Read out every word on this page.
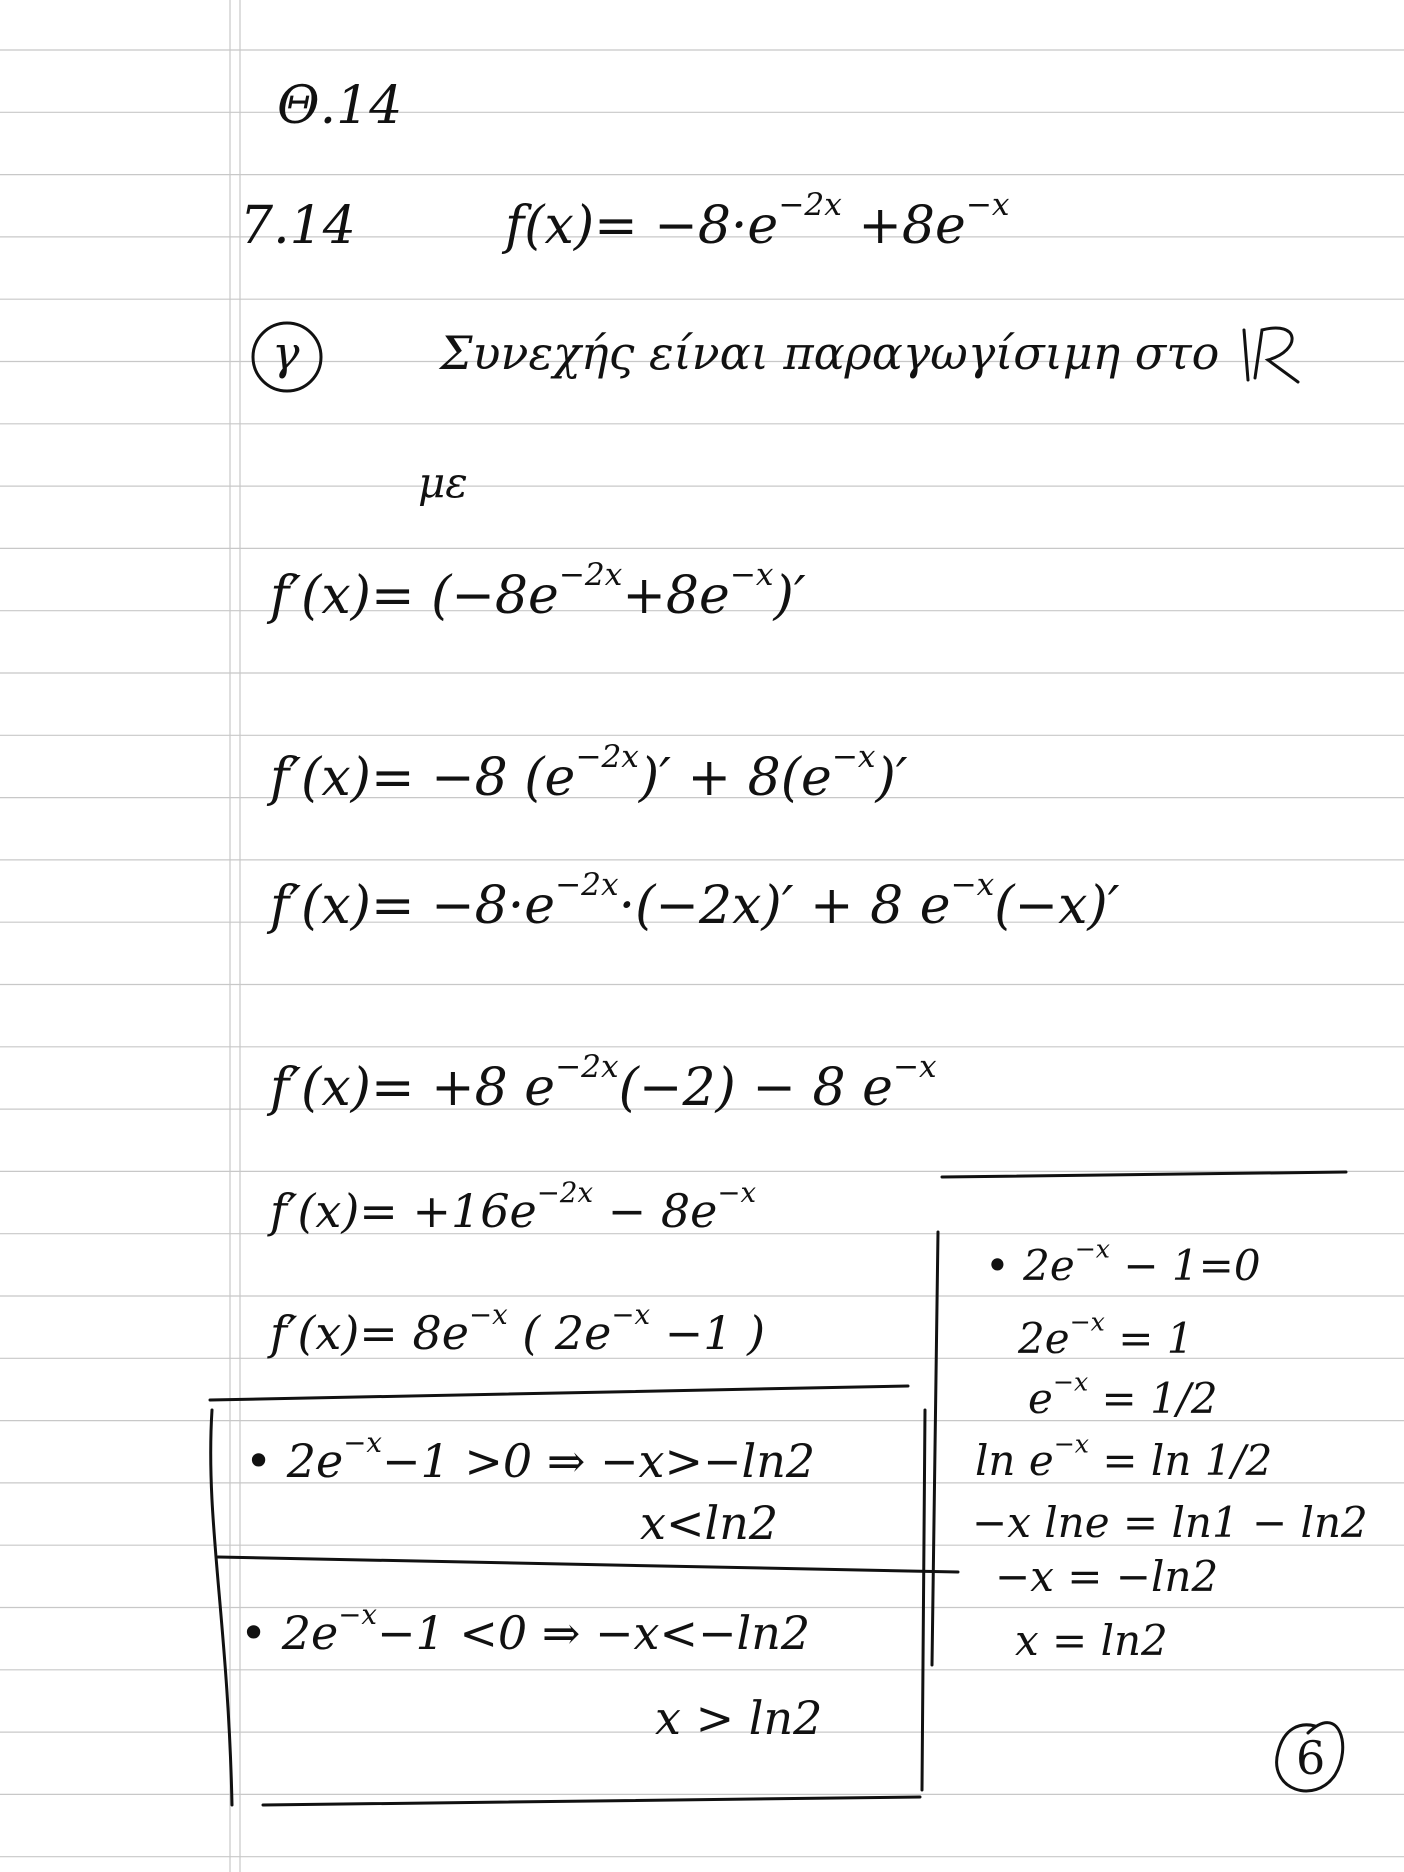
Θ.14
7.14	$f(x)= -8\cdot e^{-2x} +8e^{-x}$
γ	Συνεχής είναι παραγωγίσιμη στο
με
$f'(x)= (-8e^{-2x}+8e^{-x})'$
f′(x)= −8 $(e^{-2x})' + 8(e^{-x})'$
$f'(x)= -8\cdot e^{-2x}\cdot(-2x)' + 8$ $e^{-x}(-x)'$
f′(x)= +8 $e^{-2x}(-2) - 8$ $e^{-x}$
$f'(x)= +16e^{-2x} - 8e^{-x}$
$f'(x)= 8e^{-x}$ ( $2e^{-x} -1$ )
• $2e^{-x}-1 >0$ ⇒ −x>−ln2
x<ln2
• $2e^{-x}-1 <0$ ⇒ −x<−ln2
x > ln2
• $2e^{-x} - 1=0$
$2e^{-x} = 1$
$e^{-x} = 1/2$
$\ln e^{-x} = \ln 1/2$
−x lne = ln1 − ln2
−x = −ln2
x = ln2
6
